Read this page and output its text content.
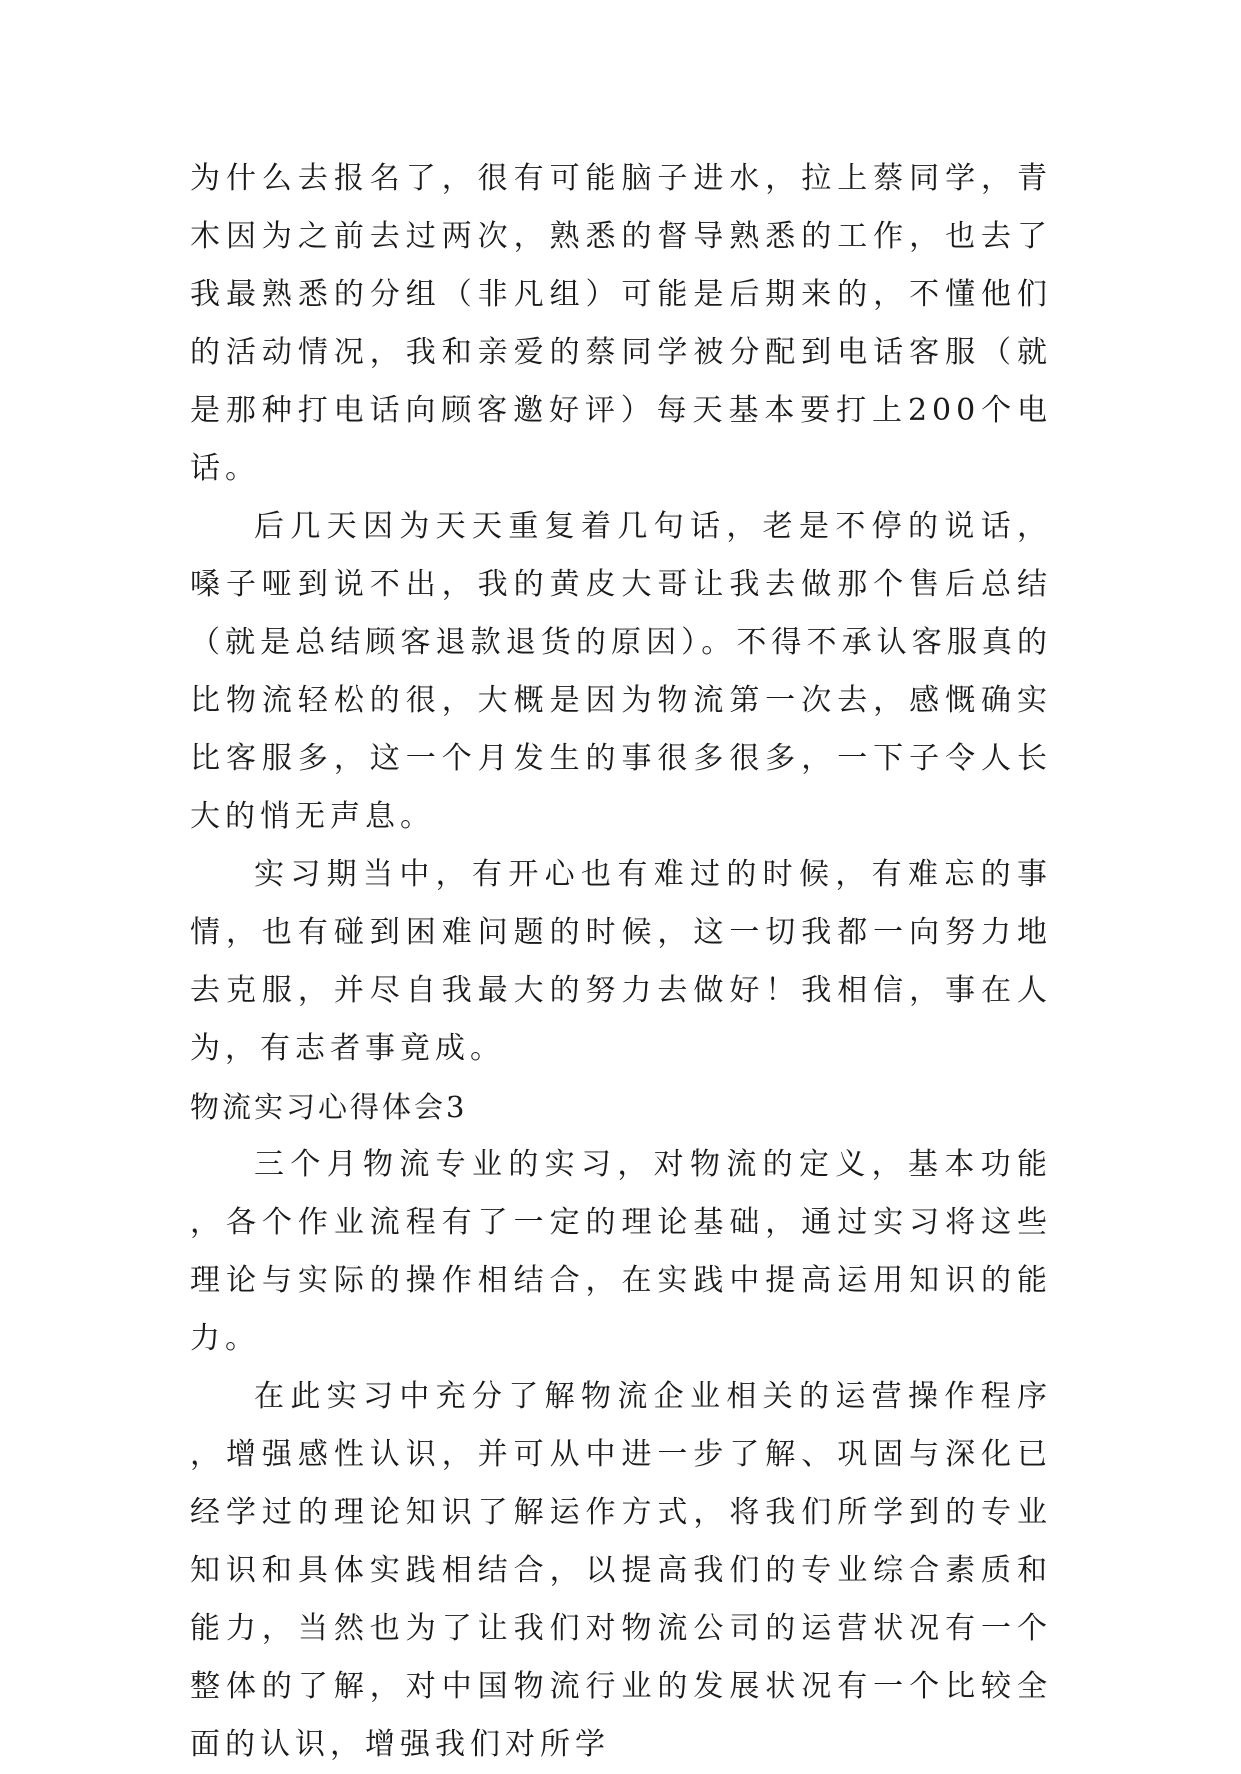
为什么去报名了，很有可能脑子进水，拉上蔡同学，青木因为之前去过两次，熟悉的督导熟悉的工作，也去了我最熟悉的分组（非凡组）可能是后期来的，不懂他们的活动情况，我和亲爱的蔡同学被分配到电话客服（就是那种打电话向顾客邀好评）每天基本要打上200个电话。

后几天因为天天重复着几句话，老是不停的说话，嗓子哑到说不出，我的黄皮大哥让我去做那个售后总结（就是总结顾客退款退货的原因）。不得不承认客服真的比物流轻松的很，大概是因为物流第一次去，感慨确实比客服多，这一个月发生的事很多很多，一下子令人长大的悄无声息。

实习期当中，有开心也有难过的时候，有难忘的事情，也有碰到困难问题的时候，这一切我都一向努力地去克服，并尽自我最大的努力去做好！我相信，事在人为，有志者事竟成。

物流实习心得体会3

三个月物流专业的实习，对物流的定义，基本功能，各个作业流程有了一定的理论基础，通过实习将这些理论与实际的操作相结合，在实践中提高运用知识的能力。

在此实习中充分了解物流企业相关的运营操作程序，增强感性认识，并可从中进一步了解、巩固与深化已经学过的理论知识了解运作方式，将我们所学到的专业知识和具体实践相结合，以提高我们的专业综合素质和能力，当然也为了让我们对物流公司的运营状况有一个整体的了解，对中国物流行业的发展状况有一个比较全面的认识，增强我们对所学
